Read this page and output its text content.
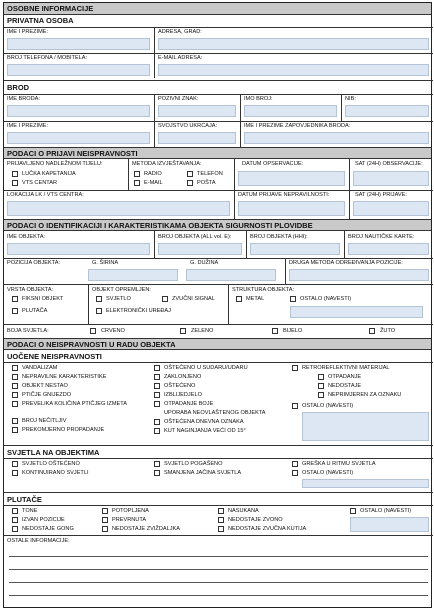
OSOBNE INFORMACIJE
PRIVATNA OSOBA
IME I PREZIME:	ADRESA, GRAD:
BROJ TELEFONA / MOBITELA:	E-MAIL ADRESA:
BROD
IME BRODA:	POZIVNI ZNAK:	IMO BROJ:	NIB:
IME I PREZIME:	SVOJSTVO UKRCAJA:	IME I PREZIME ZAPOVJEDNIKA BRODA:
PODACI O PRIJAVI NEISPRAVNOSTI
PRIJAVLJENO NADLEŽNOM TIJELU:
LUČKA KAPETANIJA
VTS CENTAR
METODA IZVJEŠTAVANJA:
RADIO	TELEFON
E-MAIL	POŠTA
DATUM OPSERVACIJE:	SAT (24H) OBSERVACIJE:
LOKACIJA LK / VTS CENTRA:	DATUM PRIJAVE NEPRAVILNOSTI:	SAT (24H) PRIJAVE:
PODACI O IDENTIFIKACIJI I KARAKTERISTIKAMA OBJEKTA SIGURNOSTI PLOVIDBE
IME OBJEKTA:	BROJ OBJEKTA (ALL vol. E):	BROJ OBJEKTA (HHI):	BROJ NAUTIČKE KARTE:
POZICIJA OBJEKTA:	G. ŠIRINA	G. DUŽINA	DRUGA METODA ODREĐIVANJA POZICIJE:
VRSTA OBJEKTA:
FIKSNI OBJEKT
PLUTAČA
OBJEKT OPREMLJEN:
SVJETLO	ZVUČNI SIGNAL
ELEKTRONIČKI UREĐAJ
STRUKTURA OBJEKTA:
METAL	OSTALO (NAVESTI)
BOJA SVJETLA:	CRVENO	ZELENO	BIJELO	ŽUTO
PODACI O NEISPRAVNOSTI U RADU OBJEKTA
UOČENE NEISPRAVNOSTI
VANDALIZAM
NEPRAVILNE KARAKTERISTIKE
OBJEKT NESTAO
PTIČJE GNIJEZDO
PREVELIKA KOLIČINA PTIČJEG IZMETA
BROJ NEČITLJIV
PREKOMJERNO PROPADANJE
OŠTEĆENO U SUDARU/UDARU
ZAKLONJENO
OŠTEĆENO
IZBLIJEDJELO
OTPADANJE BOJE
UPORABA NEOVLAŠTENOG OBJEKTA
OŠTEĆENA DNEVNA OZNAKA
KUT NAGINJANJA VEĆI OD 15°
RETROREFLEKTIVNI MATERIJAL
OTPADANJE
NEDOSTAJE
NEPRIMJEREN ZA OZNAKU
OSTALO (NAVESTI)
SVJETLA NA OBJEKTIMA
SVJETLO OŠTEĆENO
KONTINUIRANO SVJETLI
SVJETLO POGAŠENO
SMANJENA JAČINA SVJETLA
GREŠKA U RITMU SVJETLA
OSTALO (NAVESTI)
PLUTAČE
TONE
IZVAN POZICIJE
NEDOSTAJE GONG
POTOPLJENA
PREVRNUTA
NEDOSTAJE ZVIŽDALJKA
NASUKANA
NEDOSTAJE ZVONO
NEDOSTAJE ZVUČNA KUTIJA
OSTALO (NAVESTI)
OSTALE INFORMACIJE:
